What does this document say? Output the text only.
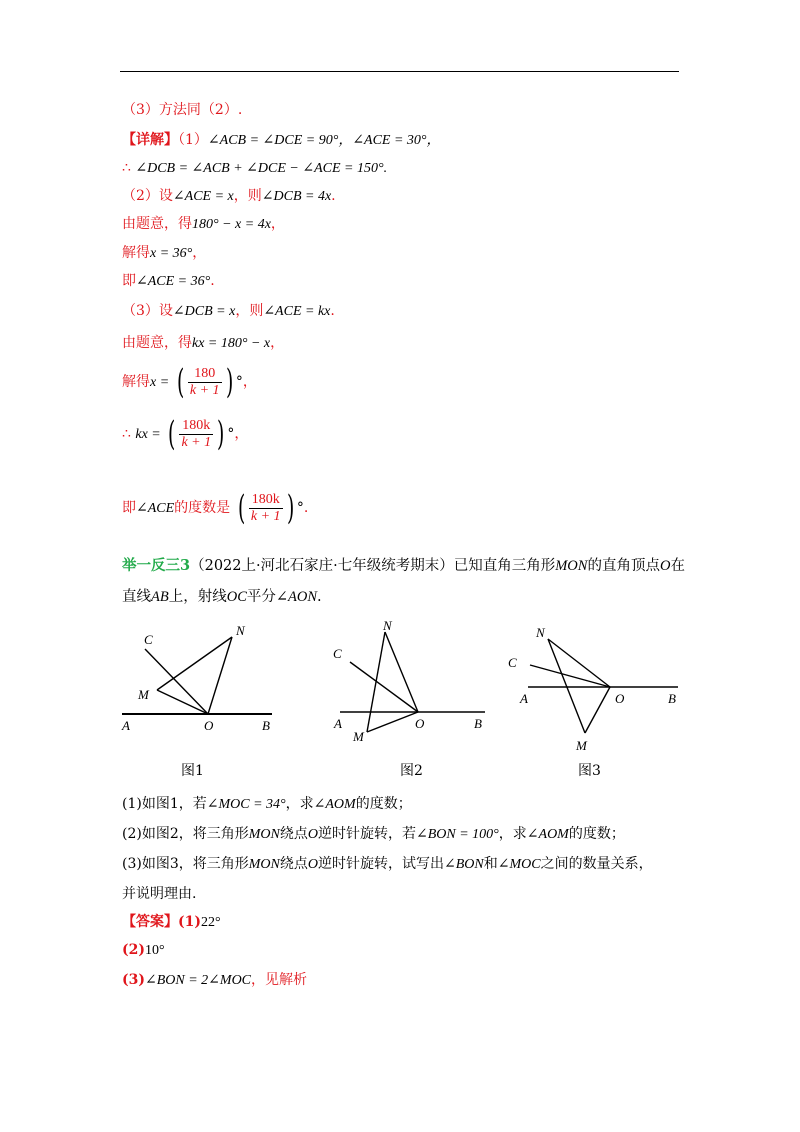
（3）方法同（2）.
【详解】（1）∠ACB = ∠DCE = 90°，∠ACE = 30°，
∴ ∠DCB = ∠ACB + ∠DCE − ∠ACE = 150°.
（2）设∠ACE = x，则∠DCB = 4x.
由题意，得180° − x = 4x，
解得x = 36°，
即∠ACE = 36°.
（3）设∠DCB = x，则∠ACE = kx.
由题意，得kx = 180° − x，
解得x = ( $\frac{180}{k + 1}$ ) °，
∴ kx = ( $\frac{180k}{k + 1}$ ) °，
即∠ACE的度数是 ( $\frac{180k}{k + 1}$ ) °.
举一反三3（2022上·河北石家庄·七年级统考期末）已知直角三角形MON的直角顶点O在
直线AB上，射线OC平分∠AON.
C
N
M
A	O	B
C
N
M
A	O	B
C
N
M
A	O	B
图1	图2	图3
(1)如图1，若∠MOC = 34°，求∠AOM的度数；
(2)如图2，将三角形MON绕点O逆时针旋转，若∠BON = 100°，求∠AOM的度数；
(3)如图3，将三角形MON绕点O逆时针旋转，试写出∠BON和∠MOC之间的数量关系，
并说明理由.
【答案】(1)22°
(2)10°
(3)∠BON = 2∠MOC，见解析
